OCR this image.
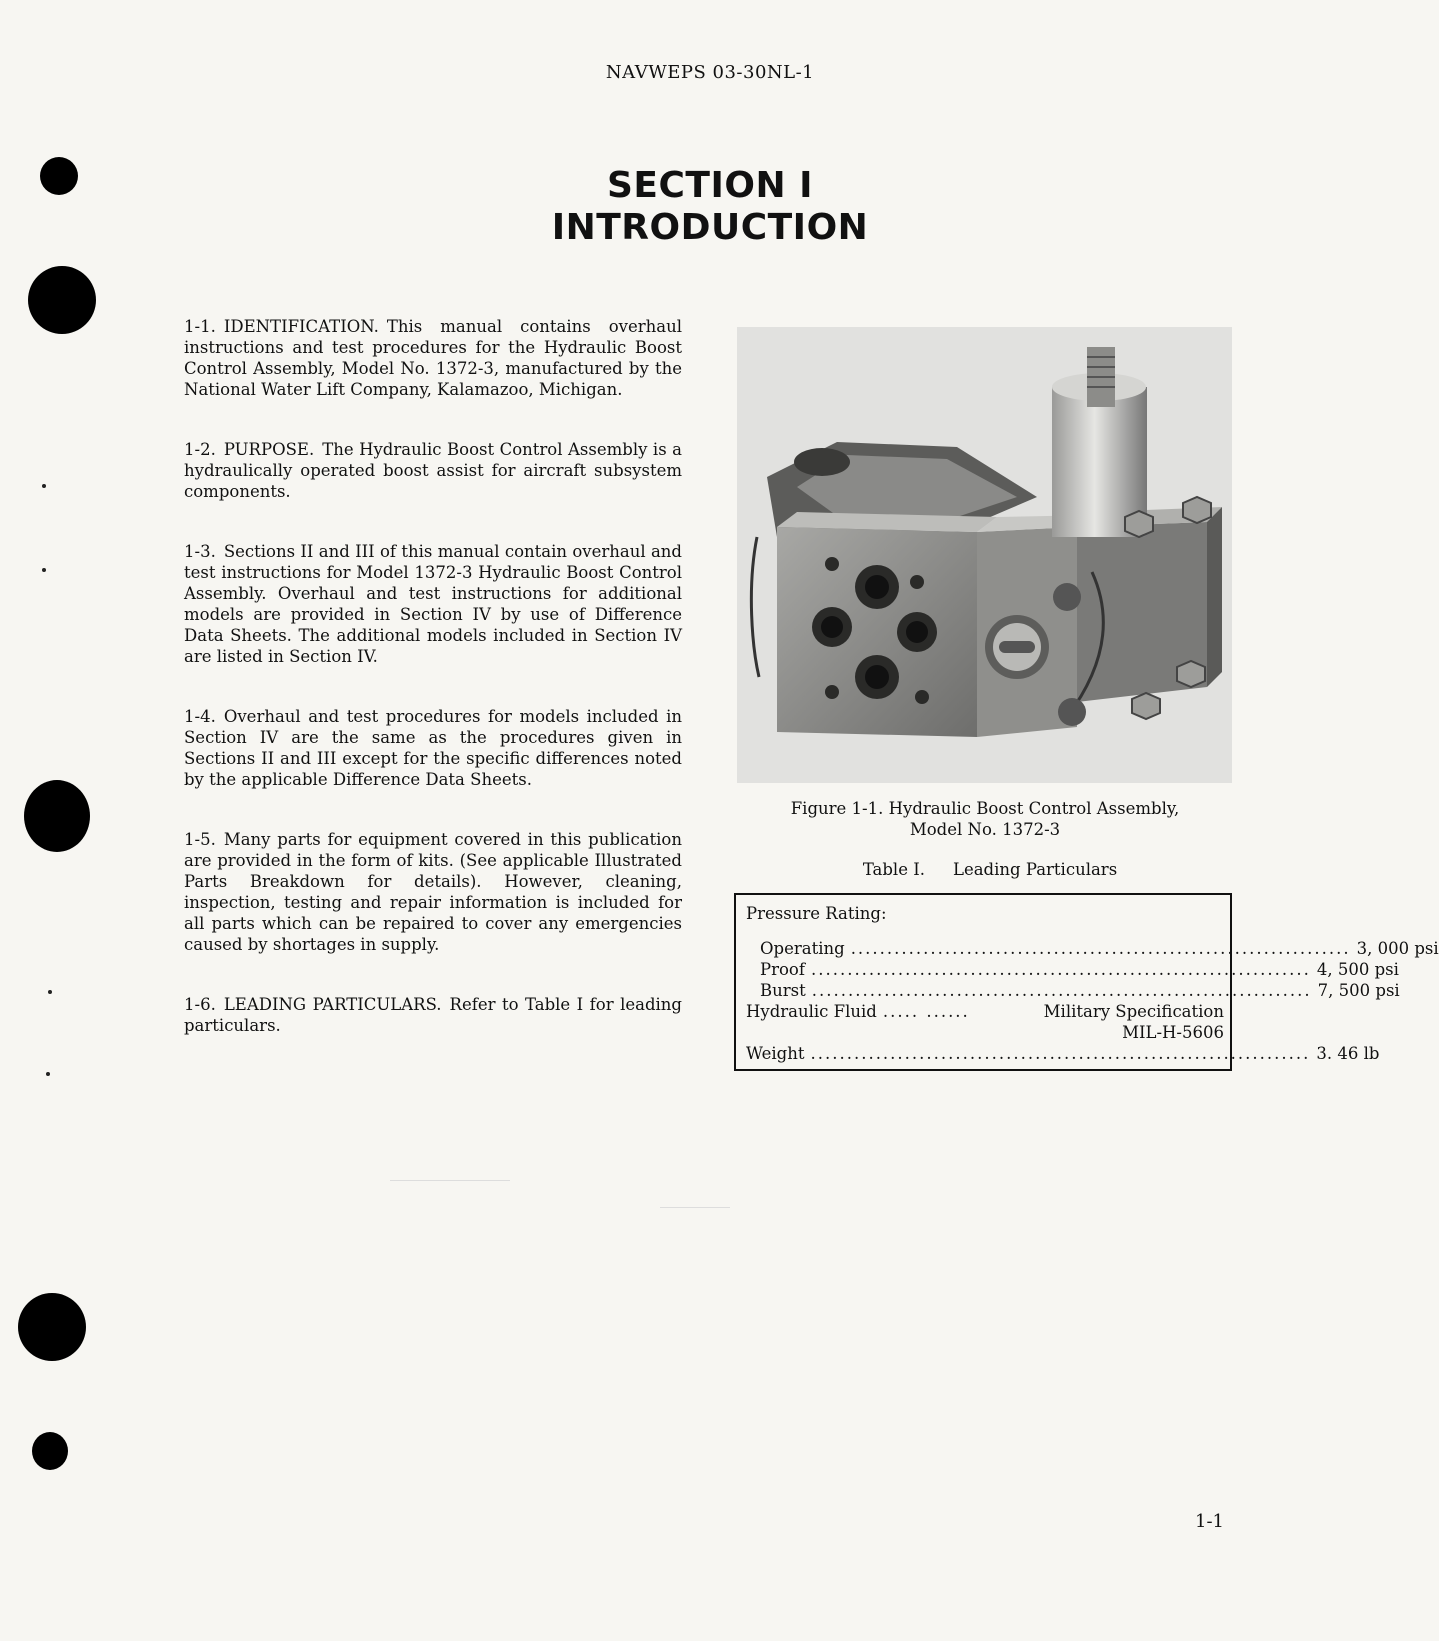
NAVWEPS 03-30NL-1
SECTION I
INTRODUCTION

1-1. IDENTIFICATION. This manual contains overhaul instructions and test procedures for the Hydraulic Boost Control Assembly, Model No. 1372-3, manufactured by the National Water Lift Company, Kalamazoo, Michigan.

1-2. PURPOSE. The Hydraulic Boost Control Assembly is a hydraulically operated boost assist for aircraft subsystem components.

1-3. Sections II and III of this manual contain overhaul and test instructions for Model 1372-3 Hydraulic Boost Control Assembly. Overhaul and test instructions for additional models are provided in Section IV by use of Difference Data Sheets. The additional models included in Section IV are listed in Section IV.

1-4. Overhaul and test procedures for models included in Section IV are the same as the procedures given in Sections II and III except for the specific differences noted by the applicable Difference Data Sheets.

1-5. Many parts for equipment covered in this publication are provided in the form of kits. (See applicable Illustrated Parts Breakdown for details). However, cleaning, inspection, testing and repair information is included for all parts which can be repaired to cover any emergencies caused by shortages in supply.

1-6. LEADING PARTICULARS. Refer to Table I for leading particulars.

Figure 1-1. Hydraulic Boost Control Assembly,
Model No. 1372-3
Table I. Leading Particulars
Pressure Rating:
Operating ..................................................................... 3, 000 psi
Proof ..................................................................... 4, 500 psi
Burst ..................................................................... 7, 500 psi
Hydraulic Fluid ..... ......	Military Specification
MIL-H-5606
Weight ..................................................................... 3. 46 lb
1-1
